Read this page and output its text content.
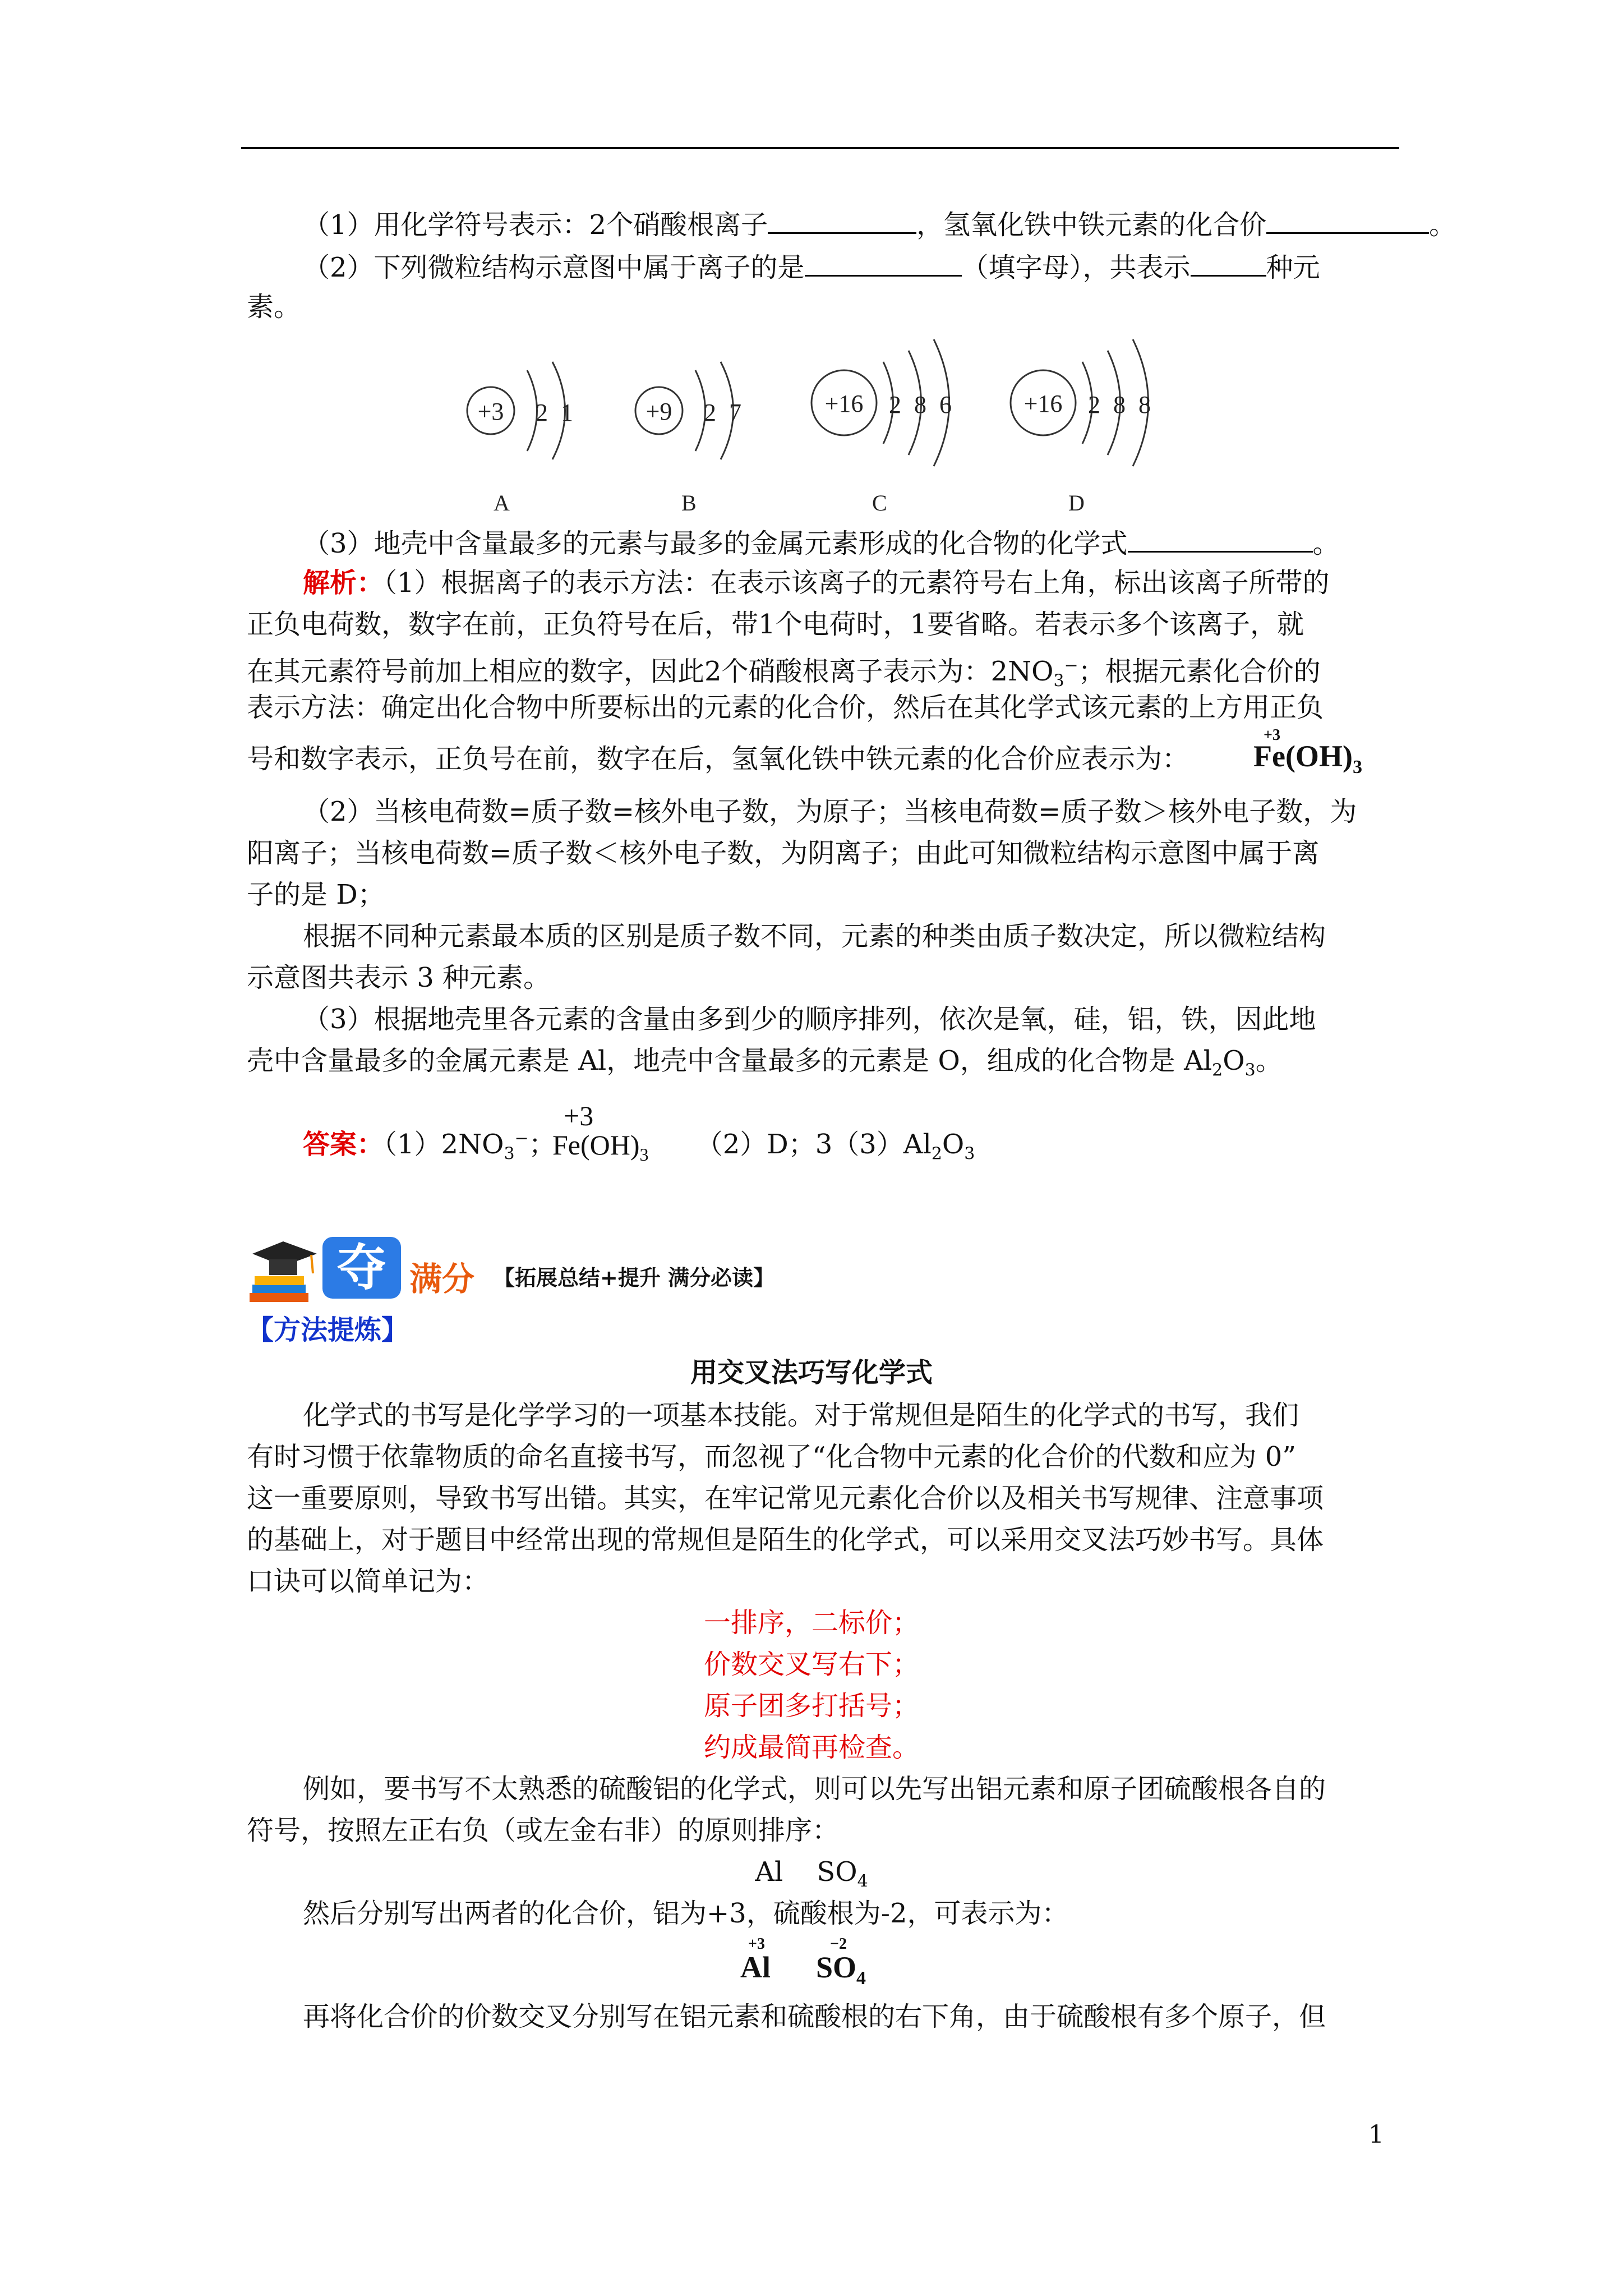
（1）用化学符号表示：2个硝酸根离子	，氢氧化铁中铁元素的化合价	。
（2）下列微粒结构示意图中属于离子的是	（填字母），共表示	种元
素。
+3 2 1
A
+9 2 7
B
+16 2 8 6
C
+16 2 8 8
D
（3）地壳中含量最多的元素与最多的金属元素形成的化合物的化学式	。
解析：（1）根据离子的表示方法：在表示该离子的元素符号右上角，标出该离子所带的
正负电荷数，数字在前，正负符号在后，带1个电荷时，1要省略。若表示多个该离子，就
在其元素符号前加上相应的数字，因此2个硝酸根离子表示为：$2NO_3^-$；根据元素化合价的
表示方法：确定出化合物中所要标出的元素的化合价，然后在其化学式该元素的上方用正负
号和数字表示，正负号在前，数字在后，氢氧化铁中铁元素的化合价应表示为：
+3
$Fe(OH)_3$
（2）当核电荷数=质子数=核外电子数，为原子；当核电荷数=质子数＞核外电子数，为
阳离子；当核电荷数=质子数＜核外电子数，为阴离子；由此可知微粒结构示意图中属于离
子的是 D；
根据不同种元素最本质的区别是质子数不同，元素的种类由质子数决定，所以微粒结构
示意图共表示 3 种元素。
（3）根据地壳里各元素的含量由多到少的顺序排列，依次是氧，硅，铝，铁，因此地
壳中含量最多的金属元素是 Al，地壳中含量最多的元素是 O，组成的化合物是 $Al_2O_3$。
答案：$(1)2NO_3^-$；	（2）D；$3(3)Al_2O_3$
+3
$Fe(OH)_3$
夺 满分 【拓展总结+提升 满分必读】
【方法提炼】
用交叉法巧写化学式
化学式的书写是化学学习的一项基本技能。对于常规但是陌生的化学式的书写，我们
有时习惯于依靠物质的命名直接书写，而忽视了“化合物中元素的化合价的代数和应为 0”
这一重要原则，导致书写出错。其实，在牢记常见元素化合价以及相关书写规律、注意事项
的基础上，对于题目中经常出现的常规但是陌生的化学式，可以采用交叉法巧妙书写。具体
口诀可以简单记为：
一排序，二标价；
价数交叉写右下；
原子团多打括号；
约成最简再检查。
例如，要书写不太熟悉的硫酸铝的化学式，则可以先写出铝元素和原子团硫酸根各自的
符号，按照左正右负（或左金右非）的原则排序：
Al $SO_4$
然后分别写出两者的化合价，铝为+3，硫酸根为-2，可表示为：
+3
Al
−2
$SO_4$
再将化合价的价数交叉分别写在铝元素和硫酸根的右下角，由于硫酸根有多个原子，但
1
